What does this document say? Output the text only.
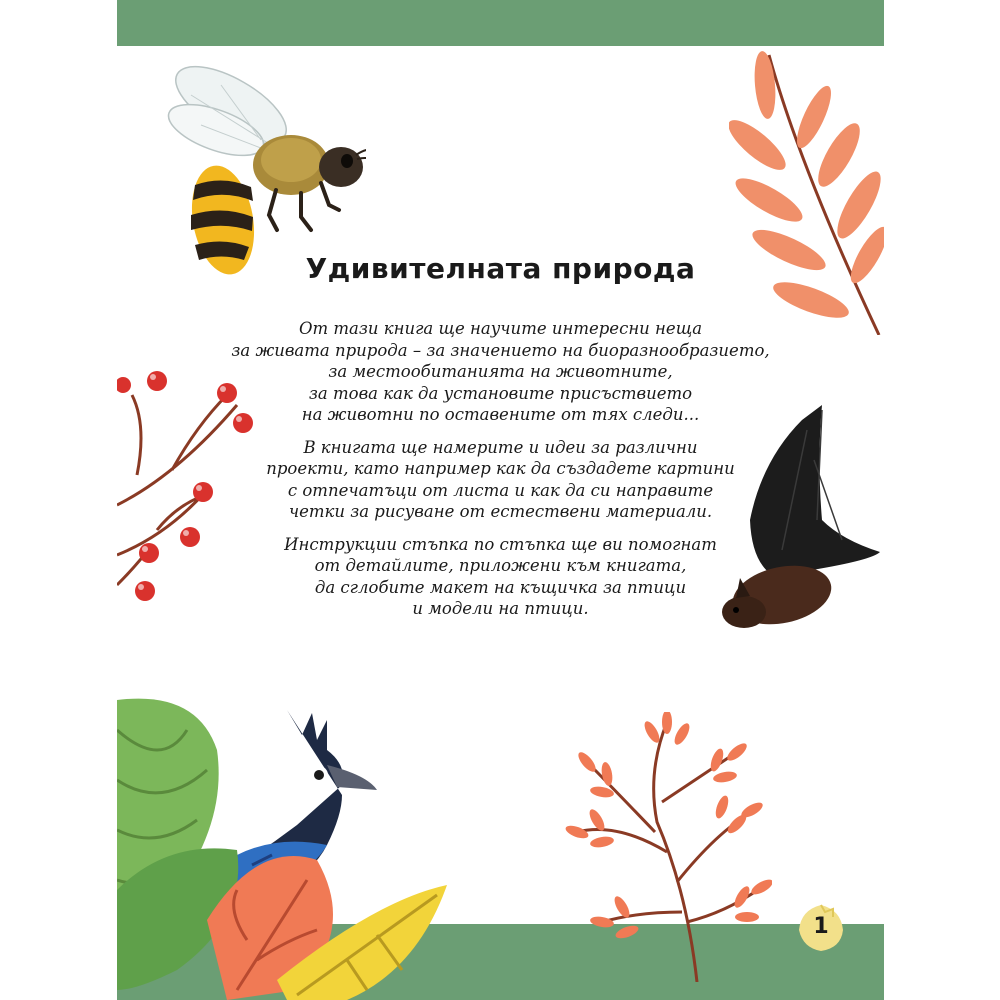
Удивителната природа

От тази книга ще научите интересни неща
за живата природа – за значението на биоразнообразието,
за местообитанията на животните,
за това как да установите присъствието
на животни по оставените от тях следи...

В книгата ще намерите и идеи за различни
проекти, като например как да създадете картини
с отпечатъци от листа и как да си направите
четки за рисуване от естествени материали.

Инструкции стъпка по стъпка ще ви помогнат
от детайлите, приложени към книгата,
да сглобите макет на къщичка за птици
и модели на птици.

1
